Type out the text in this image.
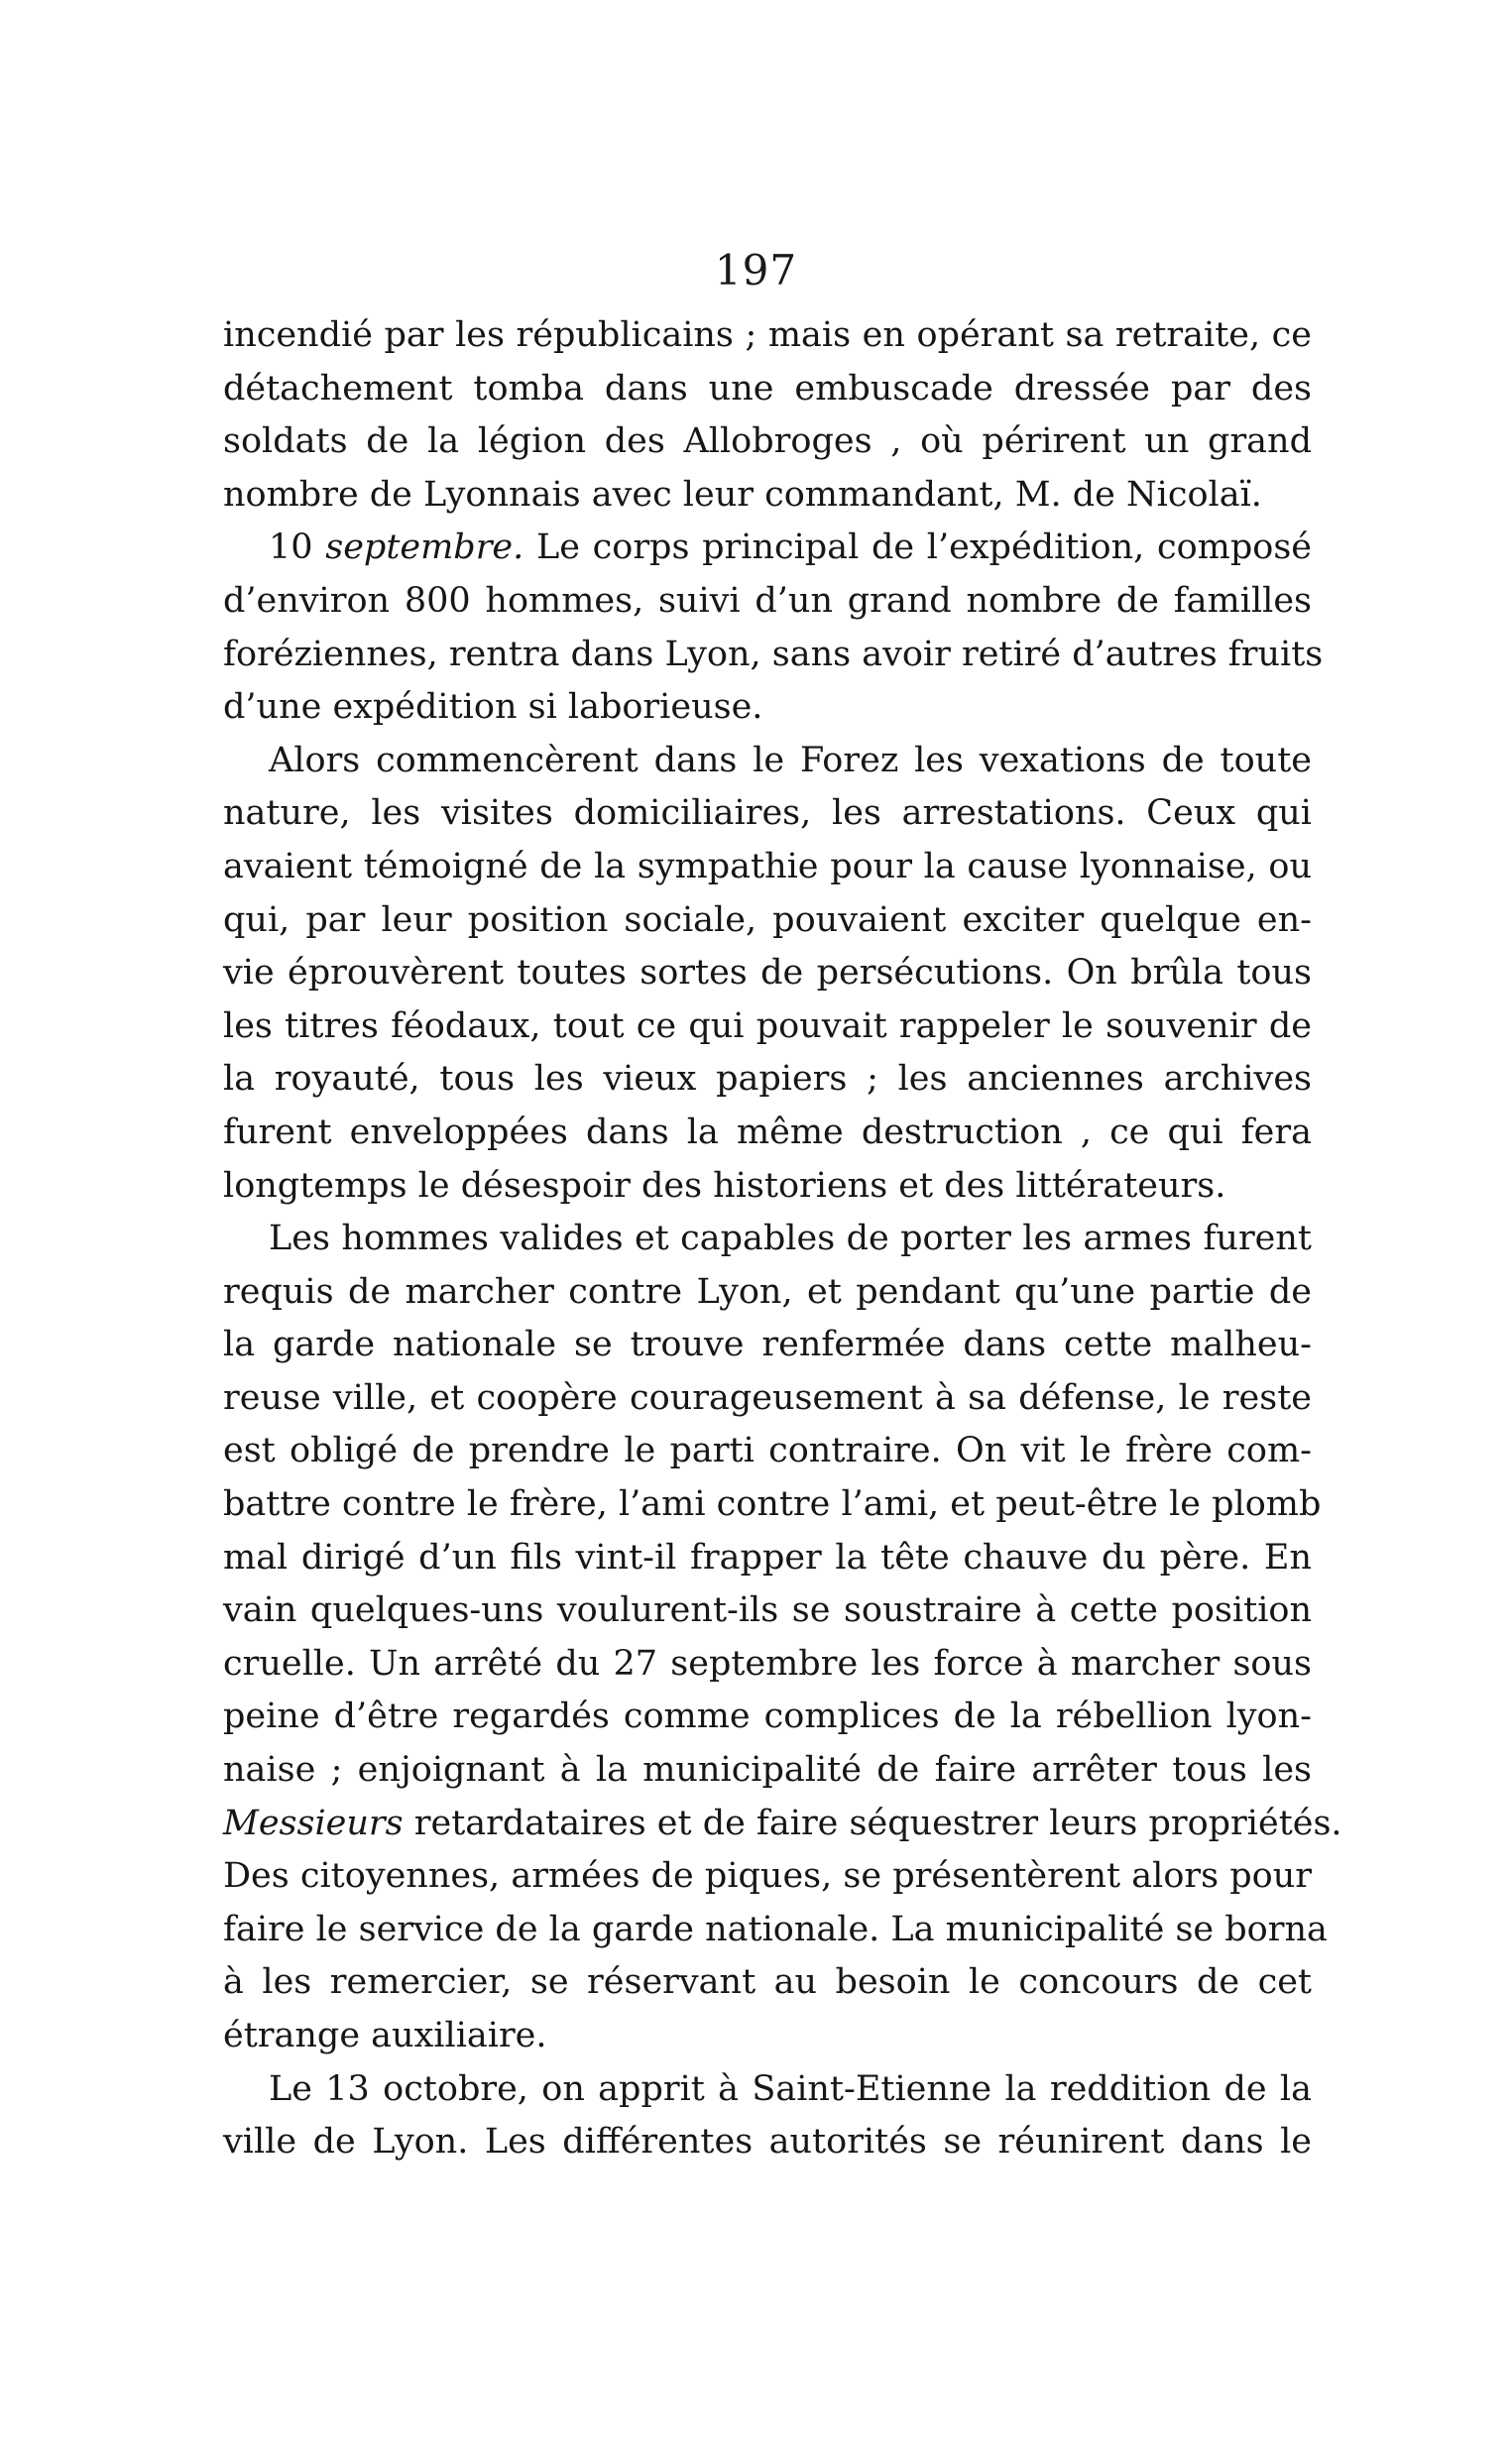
197
incendié par les républicains ; mais en opérant sa retraite, ce
détachement tomba dans une embuscade dressée par des
soldats de la légion des Allobroges , où périrent un grand
nombre de Lyonnais avec leur commandant, M. de Nicolaï.
10 septembre. Le corps principal de l’expédition, composé
d’environ 800 hommes, suivi d’un grand nombre de familles
foréziennes, rentra dans Lyon, sans avoir retiré d’autres fruits
d’une expédition si laborieuse.
Alors commencèrent dans le Forez les vexations de toute
nature, les visites domiciliaires, les arrestations. Ceux qui
avaient témoigné de la sympathie pour la cause lyonnaise, ou
qui, par leur position sociale, pouvaient exciter quelque en-
vie éprouvèrent toutes sortes de persécutions. On brûla tous
les titres féodaux, tout ce qui pouvait rappeler le souvenir de
la royauté, tous les vieux papiers ; les anciennes archives
furent enveloppées dans la même destruction , ce qui fera
longtemps le désespoir des historiens et des littérateurs.
Les hommes valides et capables de porter les armes furent
requis de marcher contre Lyon, et pendant qu’une partie de
la garde nationale se trouve renfermée dans cette malheu-
reuse ville, et coopère courageusement à sa défense, le reste
est obligé de prendre le parti contraire. On vit le frère com-
battre contre le frère, l’ami contre l’ami, et peut-être le plomb
mal dirigé d’un fils vint-il frapper la tête chauve du père. En
vain quelques-uns voulurent-ils se soustraire à cette position
cruelle. Un arrêté du 27 septembre les force à marcher sous
peine d’être regardés comme complices de la rébellion lyon-
naise ; enjoignant à la municipalité de faire arrêter tous les
Messieurs retardataires et de faire séquestrer leurs propriétés.
Des citoyennes, armées de piques, se présentèrent alors pour
faire le service de la garde nationale. La municipalité se borna
à les remercier, se réservant au besoin le concours de cet
étrange auxiliaire.
Le 13 octobre, on apprit à Saint-Etienne la reddition de la
ville de Lyon. Les différentes autorités se réunirent dans le
